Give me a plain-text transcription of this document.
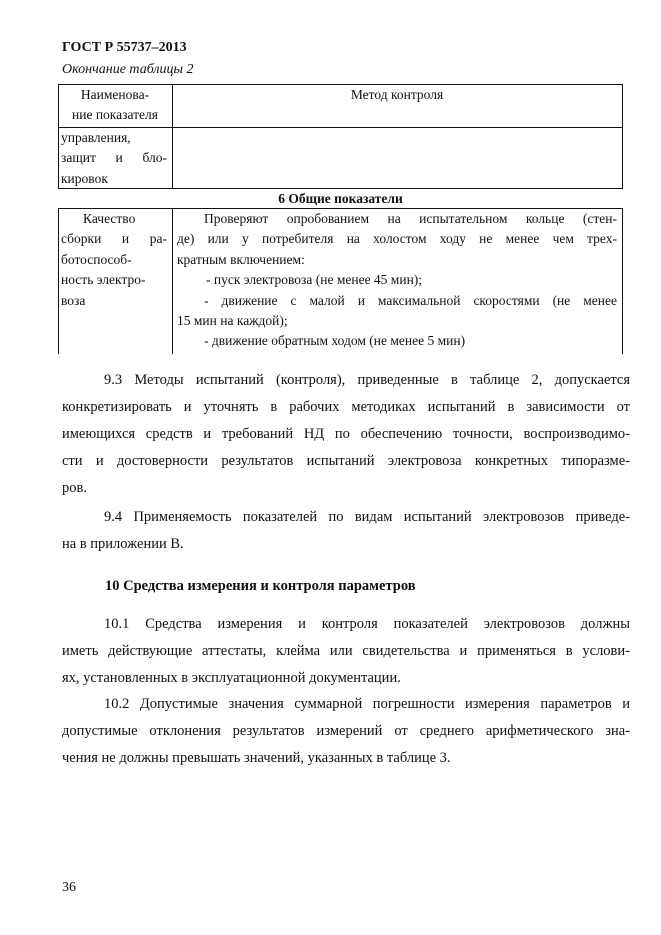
ГОСТ Р 55737–2013
Окончание таблицы 2
Наименова-
ние показателя
Метод контроля
управления,
защит и бло-
кировок
6 Общие показатели
Качество
сборки и ра-
ботоспособ-
ность электро-
воза
Проверяют опробованием на испытательном кольце (стен-
де) или у потребителя на холостом ходу не менее чем трех-
кратным включением:
- пуск электровоза (не менее 45 мин);
- движение с малой и максимальной скоростями (не менее
15 мин на каждой);
- движение обратным ходом (не менее 5 мин)
9.3 Методы испытаний (контроля), приведенные в таблице 2, допускается
конкретизировать и уточнять в рабочих методиках испытаний в зависимости от
имеющихся средств и требований НД по обеспечению точности, воспроизводимо-
сти и достоверности результатов испытаний электровоза конкретных типоразме-
ров.
9.4 Применяемость показателей по видам испытаний электровозов приведе-
на в приложении В.
10 Средства измерения и контроля параметров
10.1 Средства измерения и контроля показателей электровозов должны
иметь действующие аттестаты, клейма или свидетельства и применяться в услови-
ях, установленных в эксплуатационной документации.
10.2 Допустимые значения суммарной погрешности измерения параметров и
допустимые отклонения результатов измерений от среднего арифметического зна-
чения не должны превышать значений, указанных в таблице 3.
36
